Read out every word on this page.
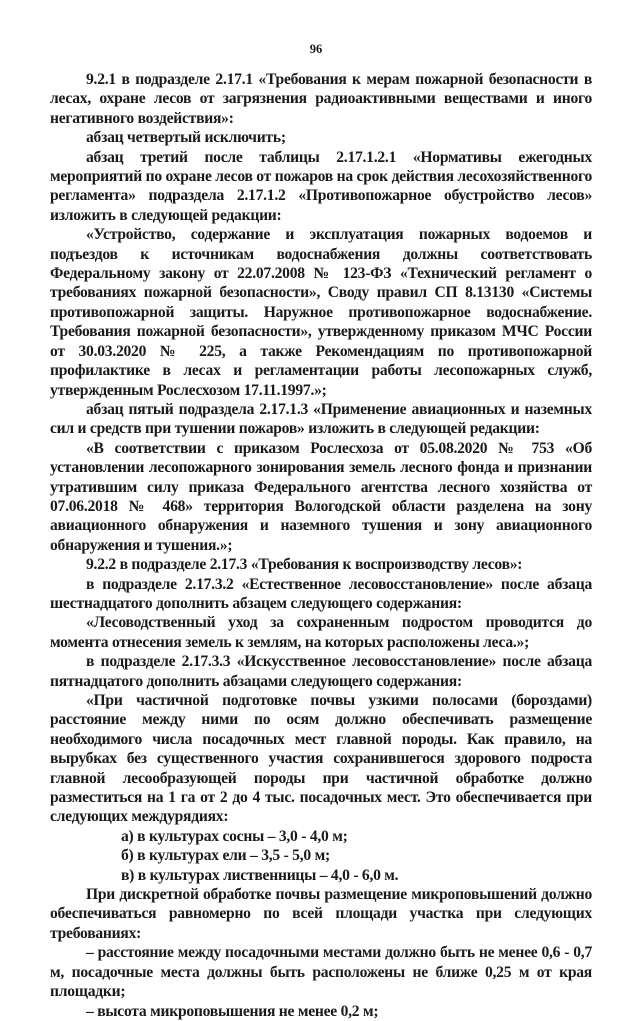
96

9.2.1 в подразделе 2.17.1 «Требования к мерам пожарной безопасности в лесах, охране лесов от загрязнения радиоактивными веществами и иного негативного воздействия»:

абзац четвертый исключить;

абзац третий после таблицы 2.17.1.2.1 «Нормативы ежегодных мероприятий по охране лесов от пожаров на срок действия лесохозяйственного регламента» подраздела 2.17.1.2 «Противопожарное обустройство лесов» изложить в следующей редакции:

«Устройство, содержание и эксплуатация пожарных водоемов и подъездов к источникам водоснабжения должны соответствовать Федеральному закону от 22.07.2008 № 123-ФЗ «Технический регламент о требованиях пожарной безопасности», Своду правил СП 8.13130 «Системы противопожарной защиты. Наружное противопожарное водоснабжение. Требования пожарной безопасности», утвержденному приказом МЧС России от 30.03.2020 № 225, а также Рекомендациям по противопожарной профилактике в лесах и регламентации работы лесопожарных служб, утвержденным Рослесхозом 17.11.1997.»;

абзац пятый подраздела 2.17.1.3 «Применение авиационных и наземных сил и средств при тушении пожаров» изложить в следующей редакции:

«В соответствии с приказом Рослесхоза от 05.08.2020 № 753 «Об установлении лесопожарного зонирования земель лесного фонда и признании утратившим силу приказа Федерального агентства лесного хозяйства от 07.06.2018 № 468» территория Вологодской области разделена на зону авиационного обнаружения и наземного тушения и зону авиационного обнаружения и тушения.»;

9.2.2 в подразделе 2.17.3 «Требования к воспроизводству лесов»:

в подразделе 2.17.3.2 «Естественное лесовосстановление» после абзаца шестнадцатого дополнить абзацем следующего содержания:

«Лесоводственный уход за сохраненным подростом проводится до момента отнесения земель к землям, на которых расположены леса.»;

в подразделе 2.17.3.3 «Искусственное лесовосстановление» после абзаца пятнадцатого дополнить абзацами следующего содержания:

«При частичной подготовке почвы узкими полосами (бороздами) расстояние между ними по осям должно обеспечивать размещение необходимого числа посадочных мест главной породы. Как правило, на вырубках без существенного участия сохранившегося здорового подроста главной лесообразующей породы при частичной обработке должно разместиться на 1 га от 2 до 4 тыс. посадочных мест. Это обеспечивается при следующих междурядиях:

а) в культурах сосны – 3,0 - 4,0 м;

б) в культурах ели – 3,5 - 5,0 м;

в) в культурах лиственницы – 4,0 - 6,0 м.

При дискретной обработке почвы размещение микроповышений должно обеспечиваться равномерно по всей площади участка при следующих требованиях:

– расстояние между посадочными местами должно быть не менее 0,6 - 0,7 м, посадочные места должны быть расположены не ближе 0,25 м от края площадки;

– высота микроповышения не менее 0,2 м;
